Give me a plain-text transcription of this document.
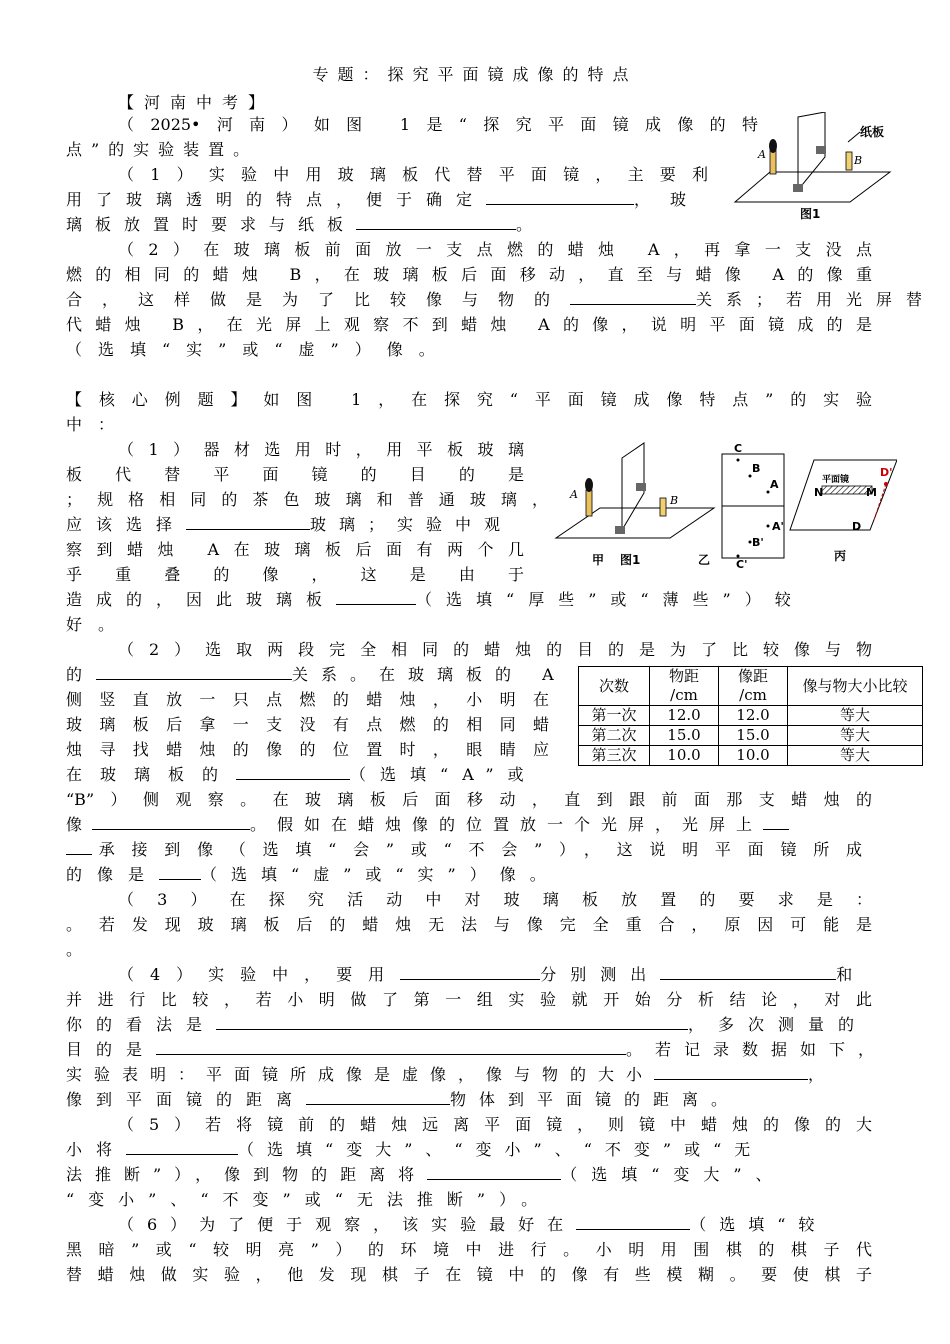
专题：探究平面镜成像的特点
【河南中考】
（2025•河南）如图 1是“探究平面镜成像的特
点”的实验装置。
（1）实验中用玻璃板代替平面镜，主要利
用了玻璃透明的特点，便于确定	，玻
璃板放置时要求与纸板	。
（2）在玻璃板前面放一支点燃的蜡烛 A，再拿一支没点
燃的相同的蜡烛 B，在玻璃板后面移动，直至与蜡像 A的像重
合，这样做是为了比较像与物的	关系；若用光屏替
代蜡烛 B，在光屏上观察不到蜡烛 A的像，说明平面镜成的是
（选填“实”或“虚”）像。
A	B
纸板
图1
【核心例题】如图 1，在探究“平面镜成像特点”的实验
中：
（1）器材选用时，用平板玻璃
板代替平面镜的目的是
；规格相同的茶色玻璃和普通玻璃，
应该选择	玻璃；实验中观
察到蜡烛 A在玻璃板后面有两个几
乎重叠的像，这是由于
造成的，因此玻璃板	（选填“厚些”或“薄些”）较
好。
（2）选取两段完全相同的蜡烛的目的是为了比较像与物
的	关系。在玻璃板的 A
侧竖直放一只点燃的蜡烛，小明在
玻璃板后拿一支没有点燃的相同蜡
烛寻找蜡烛的像的位置时，眼睛应
在玻璃板的	（选填“A”或
“B”）侧观察。在玻璃板后面移动，直到跟前面那支蜡烛的
像	。假如在蜡烛像的位置放一个光屏，光屏上
承接到像（选填“会”或“不会”），这说明平面镜所成
的像是	（选填“虚”或“实”）像。
（3）在探究活动中对玻璃板放置的要求是：
。若发现玻璃板后的蜡烛无法与像完全重合，原因可能是
。
（4）实验中，要用	分别测出	和
并进行比较，若小明做了第一组实验就开始分析结论，对此
你的看法是	，多次测量的
目的是	。若记录数据如下，
实验表明：平面镜所成像是虚像，像与物的大小	，
像到平面镜的距离	物体到平面镜的距离。
（5）若将镜前的蜡烛远离平面镜，则镜中蜡烛的像的大
小将	（选填“变大”、“变小”、“不变”或“无
法推断”），像到物的距离将	（选填“变大”、
“变小”、“不变”或“无法推断”）。
（6）为了便于观察，该实验最好在	（选填“较
黑暗”或“较明亮”）的环境中进行。小明用围棋的棋子代
替蜡烛做实验，他发现棋子在镜中的像有些模糊。要使棋子
A	B
甲 图1
C
B
A
A'
B'
C'
乙
平面镜
N	M
D'
D
丙
次数	物距 /cm	像距 /cm	像与物大小比较
第一次	12.0	12.0	等大
第二次	15.0	15.0	等大
第三次	10.0	10.0	等大
